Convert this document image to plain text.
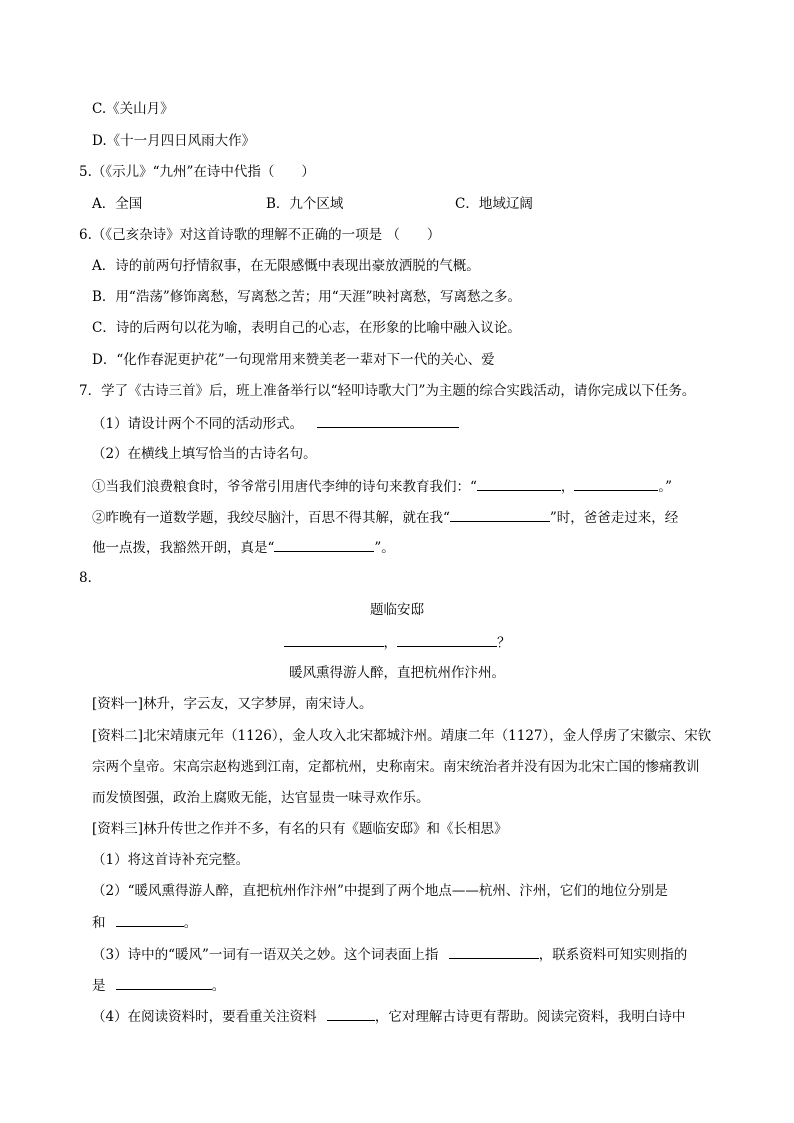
C.《关山月》
D.《十一月四日风雨大作》
5.（《示儿》“九州”在诗中代指（　　）
A．全国	B．九个区域	C．地域辽阔
6.（《己亥杂诗》对这首诗歌的理解不正确的一项是 （　　）
A．诗的前两句抒情叙事，在无限感慨中表现出豪放洒脱的气概。
B．用“浩荡”修饰离愁，写离愁之苦；用“天涯”映衬离愁，写离愁之多。
C．诗的后两句以花为喻，表明自己的心志，在形象的比喻中融入议论。
D．“化作春泥更护花”一句现常用来赞美老一辈对下一代的关心、爱
7．学了《古诗三首》后，班上准备举行以“轻叩诗歌大门”为主题的综合实践活动，请你完成以下任务。
（1）请设计两个不同的活动形式。
（2）在横线上填写恰当的古诗名句。
①当我们浪费粮食时，爷爷常引用唐代李绅的诗句来教育我们：“	，	。”
②昨晚有一道数学题，我绞尽脑汁，百思不得其解，就在我“	”时，爸爸走过来，经
他一点拨，我豁然开朗，真是“	”。
8．
题临安邸
，	？
暖风熏得游人醉，直把杭州作汴州。
[资料一]林升，字云友，又字梦屏，南宋诗人。
[资料二]北宋靖康元年（1126），金人攻入北宋都城汴州。靖康二年（1127），金人俘虏了宋徽宗、宋钦
宗两个皇帝。宋高宗赵构逃到江南，定都杭州，史称南宋。南宋统治者并没有因为北宋亡国的惨痛教训
而发愤图强，政治上腐败无能，达官显贵一味寻欢作乐。
[资料三]林升传世之作并不多，有名的只有《题临安邸》和《长相思》
（1）将这首诗补充完整。
（2）“暖风熏得游人醉，直把杭州作汴州”中提到了两个地点——杭州、汴州，它们的地位分别是
和	。
（3）诗中的“暖风”一词有一语双关之妙。这个词表面上指	，联系资料可知实则指的
是	。
（4）在阅读资料时，要看重关注资料	，它对理解古诗更有帮助。阅读完资料，我明白诗中
